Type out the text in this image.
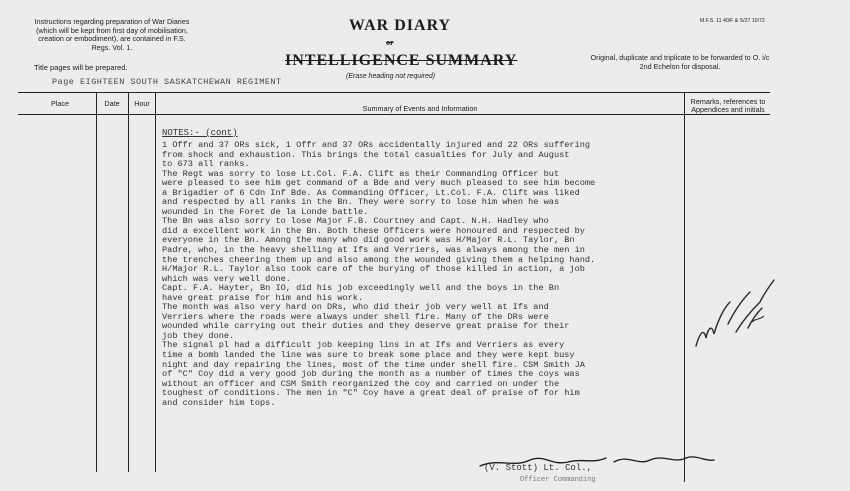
Instructions regarding preparation of War Diaries (which will be kept from first day of mobilisation, creation or embodiment), are contained in F.S. Regs. Vol. 1.
Title pages will be prepared.
WAR DIARY
or
INTELLIGENCE SUMMARY
(Erase heading not required)
M.F.S. 11 40/F & S/27 10/72
Original, duplicate and triplicate to be forwarded to O. i/c 2nd Echelon for disposal.
Page EIGHTEEN SOUTH SASKATCHEWAN REGIMENT
Place	Date	Hour
Summary of Events and Information
Remarks, references to Appendices and initials
NOTES:- (cont)

1 Offr and 37 ORs sick, 1 Offr and 37 ORs accidentally injured and 22 ORs suffering

from shock and exhaustion. This brings the total casualties for July and August

to 673 all ranks.

The Regt was sorry to lose Lt.Col. F.A. Clift as their Commanding Officer but

were pleased to see him get command of a Bde and very much pleased to see him become

a Brigadier of 6 Cdn Inf Bde. As Commanding Officer, Lt.Col. F.A. Clift was liked

and respected by all ranks in the Bn. They were sorry to lose him when he was

wounded in the Foret de la Londe battle.

The Bn was also sorry to lose Major F.B. Courtney and Capt. N.H. Hadley who

did a excellent work in the Bn. Both these Officers were honoured and respected by

everyone in the Bn. Among the many who did good work was H/Major R.L. Taylor, Bn

Padre, who, in the heavy shelling at Ifs and Verriers, was always among the men in

the trenches cheering them up and also among the wounded giving them a helping hand.

H/Major R.L. Taylor also took care of the burying of those killed in action, a job

which was very well done.

Capt. F.A. Hayter, Bn IO, did his job exceedingly well and the boys in the Bn

have great praise for him and his work.

The month was also very hard on DRs, who did their job very well at Ifs and

Verriers where the roads were always under shell fire. Many of the DRs were

wounded while carrying out their duties and they deserve great praise for their

job they done.

The signal pl had a difficult job keeping lins in at Ifs and Verriers as every

time a bomb landed the line was sure to break some place and they were kept busy

night and day repairing the lines, most of the time under shell fire. CSM Smith JA

of "C" Coy did a very good job during the month as a number of times the coys was

without an officer and CSM Smith reorganized the coy and carried on under the

toughest of conditions. The men in "C" Coy have a great deal of praise of for him

and consider him tops.

(V. Stott) Lt. Col.,
Officer Commanding
